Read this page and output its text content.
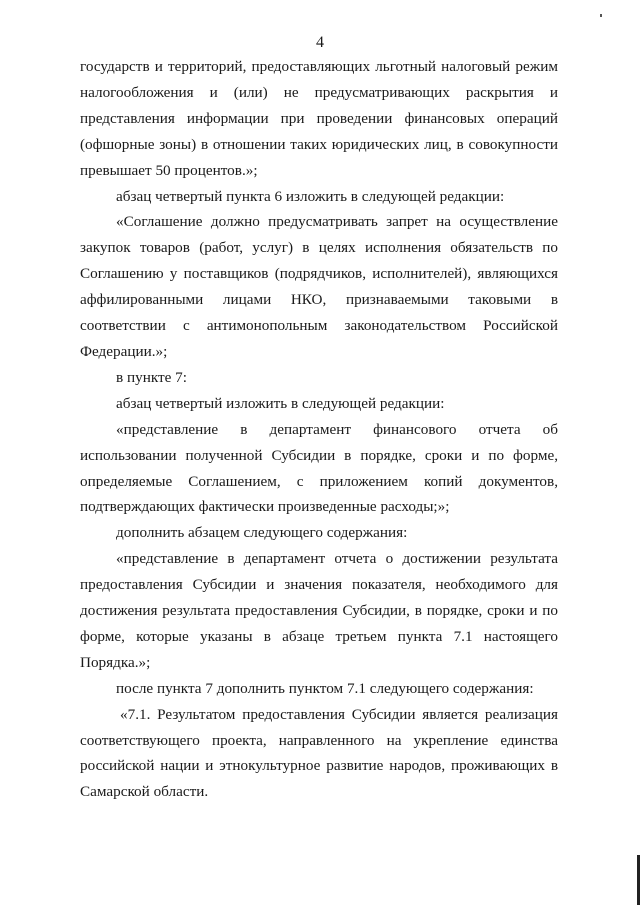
4

государств и территорий, предоставляющих льготный налоговый режим налогообложения и (или) не предусматривающих раскрытия и представления информации при проведении финансовых операций (офшорные зоны) в отношении таких юридических лиц, в совокупности превышает 50 процентов.»;

абзац четвертый пункта 6 изложить в следующей редакции:

«Соглашение должно предусматривать запрет на осуществление закупок товаров (работ, услуг) в целях исполнения обязательств по Соглашению у поставщиков (подрядчиков, исполнителей), являющихся аффилированными лицами НКО, признаваемыми таковыми в соответствии с антимонопольным законодательством Российской Федерации.»;

в пункте 7:

абзац четвертый изложить в следующей редакции:

«представление в департамент финансового отчета об использовании полученной Субсидии в порядке, сроки и по форме, определяемые Соглашением, с приложением копий документов, подтверждающих фактически произведенные расходы;»;

дополнить абзацем следующего содержания:

«представление в департамент отчета о достижении результата предоставления Субсидии и значения показателя, необходимого для достижения результата предоставления Субсидии, в порядке, сроки и по форме, которые указаны в абзаце третьем пункта 7.1 настоящего Порядка.»;

после пункта 7 дополнить пунктом 7.1 следующего содержания:

«7.1. Результатом предоставления Субсидии является реализация соответствующего проекта, направленного на укрепление единства российской нации и этнокультурное развитие народов, проживающих в Самарской области.
